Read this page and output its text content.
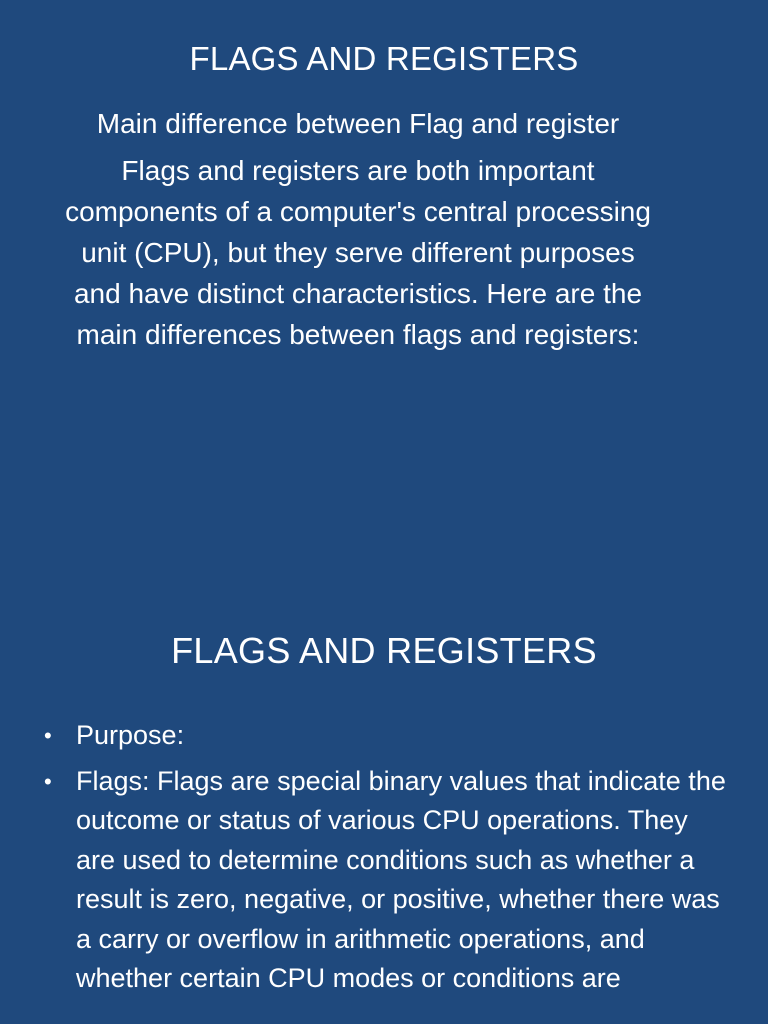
FLAGS AND REGISTERS

Main difference between Flag and register

Flags and registers are both important components of a computer's central processing unit (CPU), but they serve different purposes and have distinct characteristics. Here are the main differences between flags and registers:

FLAGS AND REGISTERS
• Purpose:
• Flags: Flags are special binary values that indicate the outcome or status of various CPU operations. They are used to determine conditions such as whether a result is zero, negative, or positive, whether there was a carry or overflow in arithmetic operations, and whether certain CPU modes or conditions are
